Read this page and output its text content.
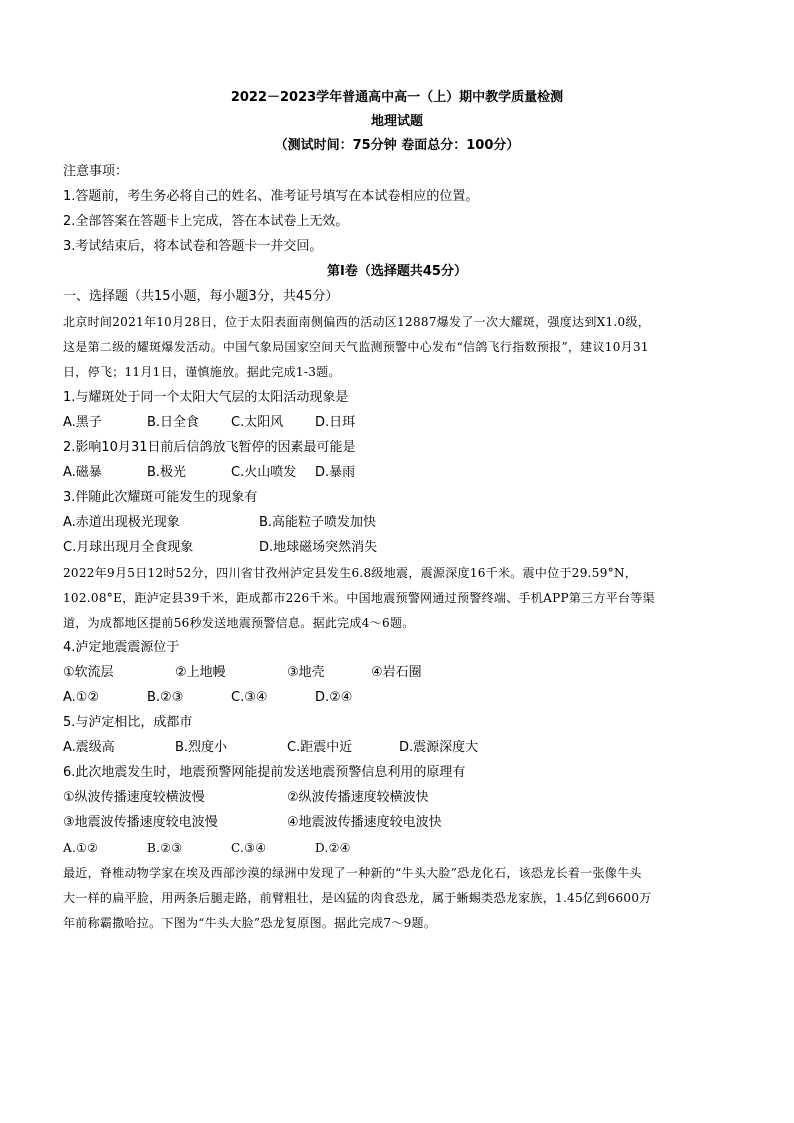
2022－2023学年普通高中高一（上）期中教学质量检测
地理试题
（测试时间：75分钟 卷面总分：100分）
注意事项：
1.答题前，考生务必将自己的姓名、准考证号填写在本试卷相应的位置。
2.全部答案在答题卡上完成，答在本试卷上无效。
3.考试结束后，将本试卷和答题卡一并交回。
第Ⅰ卷（选择题共45分）
一、选择题（共15小题，每小题3分，共45分）
北京时间2021年10月28日，位于太阳表面南侧偏西的活动区12887爆发了一次大耀斑，强度达到X1.0级，
这是第二级的耀斑爆发活动。中国气象局国家空间天气监测预警中心发布“信鸽飞行指数预报”，建议10月31
日，停飞；11月1日，谨慎施放。据此完成1-3题。
1.与耀斑处于同一个太阳大气层的太阳活动现象是
A.黑子	B.日全食	C.太阳风	D.日珥
2.影响10月31日前后信鸽放飞暂停的因素最可能是
A.磁暴	B.极光	C.火山喷发	D.暴雨
3.伴随此次耀斑可能发生的现象有
A.赤道出现极光现象	B.高能粒子喷发加快
C.月球出现月全食现象	D.地球磁场突然消失
2022年9月5日12时52分，四川省甘孜州泸定县发生6.8级地震，震源深度16千米。震中位于29.59°N，
102.08°E，距泸定县39千米，距成都市226千米。中国地震预警网通过预警终端、手机APP第三方平台等渠
道，为成都地区提前56秒发送地震预警信息。据此完成4～6题。
4.泸定地震震源位于
①软流层	②上地幔	③地壳	④岩石圈
A.①②	B.②③	C.③④	D.②④
5.与泸定相比，成都市
A.震级高	B.烈度小	C.距震中近	D.震源深度大
6.此次地震发生时，地震预警网能提前发送地震预警信息利用的原理有
①纵波传播速度较横波慢	②纵波传播速度较横波快
③地震波传播速度较电波慢	④地震波传播速度较电波快
A.①②	B.②③	C.③④	D.②④
最近，脊椎动物学家在埃及西部沙漠的绿洲中发现了一种新的“牛头大脸”恐龙化石，该恐龙长着一张像牛头
大一样的扁平脸，用两条后腿走路，前臂粗壮，是凶猛的肉食恐龙，属于蜥蜴类恐龙家族，1.45亿到6600万
年前称霸撒哈拉。下图为“牛头大脸”恐龙复原图。据此完成7～9题。
